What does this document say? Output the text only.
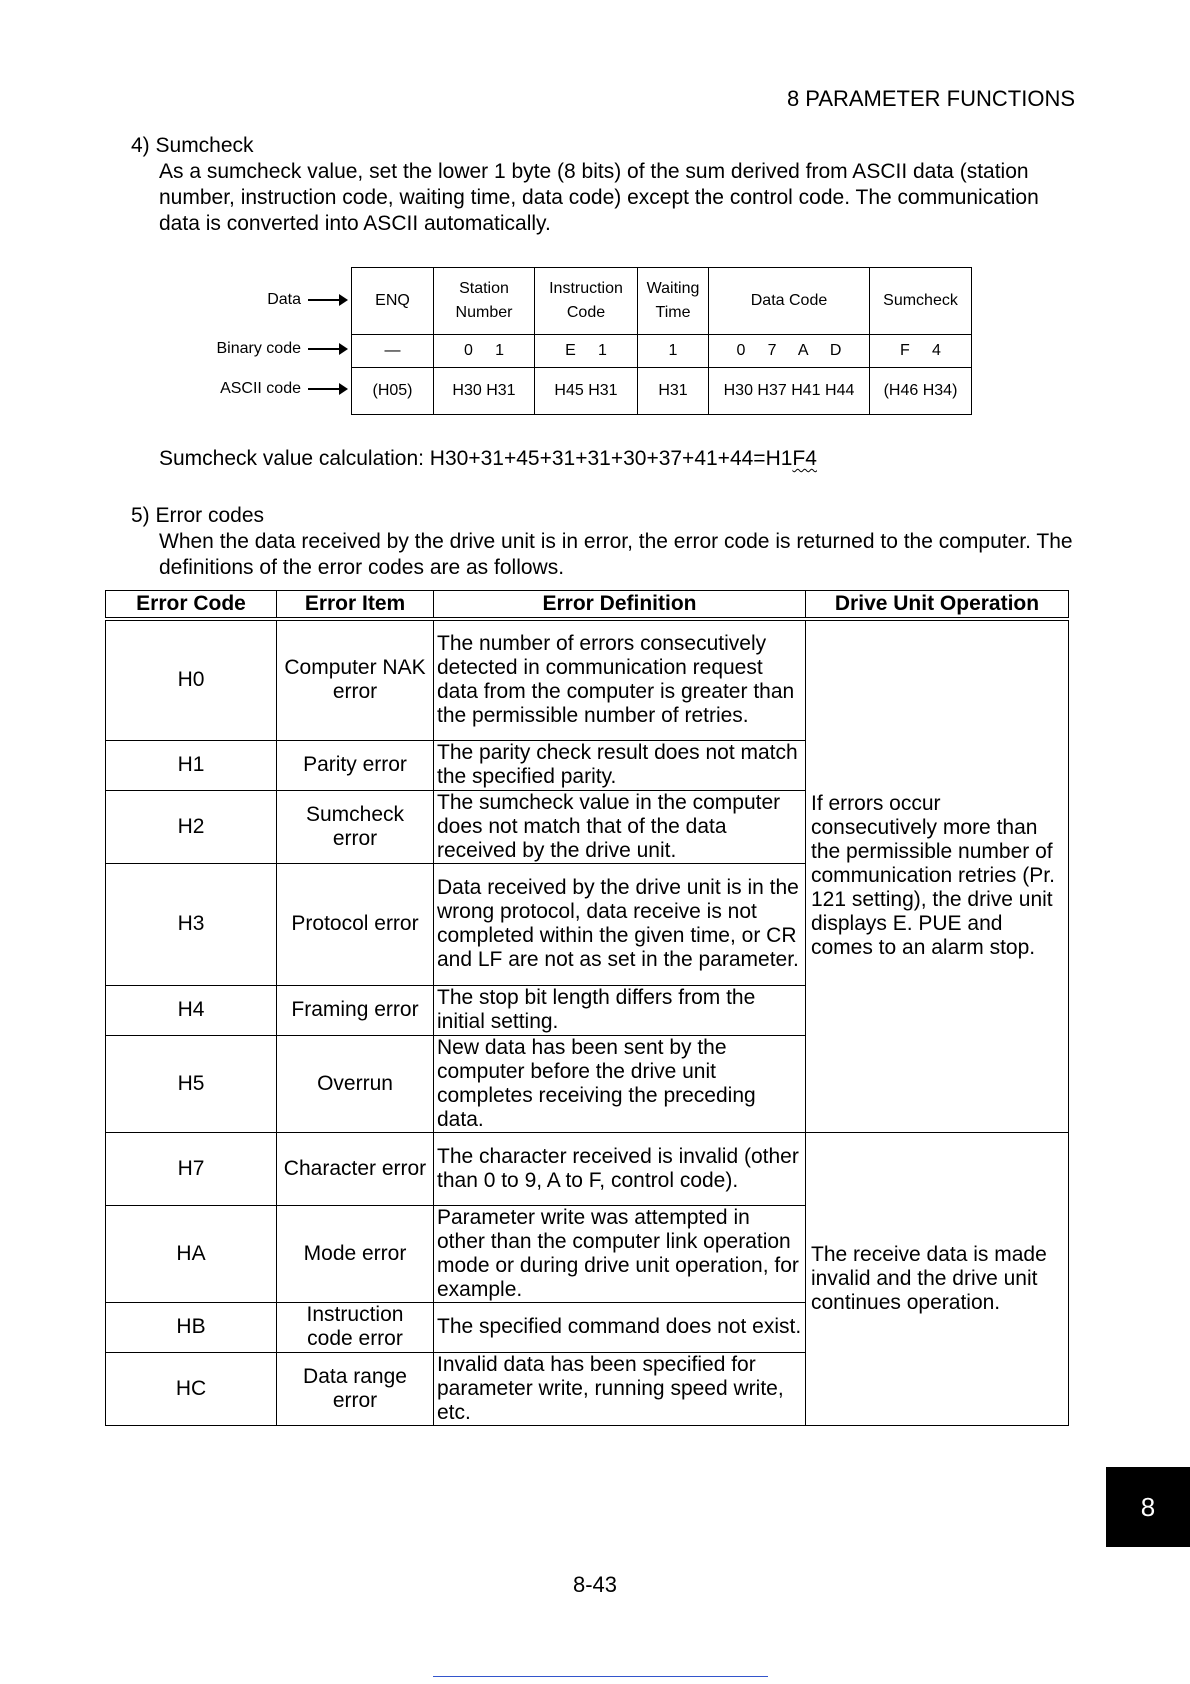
8 PARAMETER FUNCTIONS
4) Sumcheck
As a sumcheck value, set the lower 1 byte (8 bits) of the sum derived from ASCII data (station number, instruction code, waiting time, data code) except the control code. The communication data is converted into ASCII automatically.
Data
Binary code
ASCII code
ENQ	Station Number	Instruction Code	Waiting Time	Data Code	Sumcheck
—	0     1	E     1	1	0     7     A     D	F     4
(H05)	H30 H31	H45 H31	H31	H30 H37 H41 H44	(H46 H34)
Sumcheck value calculation: H30+31+45+31+31+30+37+41+44=H1F4
5) Error codes
When the data received by the drive unit is in error, the error code is returned to the computer. The definitions of the error codes are as follows.
Error Code	Error Item	Error Definition	Drive Unit Operation
H0	Computer NAK error	The number of errors consecutively detected in communication request data from the computer is greater than the permissible number of retries.	If errors occur consecutively more than the permissible number of communication retries (Pr. 121 setting), the drive unit displays E. PUE and comes to an alarm stop.
H1	Parity error	The parity check result does not match the specified parity.	
H2	Sumcheck error	The sumcheck value in the computer does not match that of the data received by the drive unit.	
H3	Protocol error	Data received by the drive unit is in the wrong protocol, data receive is not completed within the given time, or CR and LF are not as set in the parameter.	
H4	Framing error	The stop bit length differs from the initial setting.	
H5	Overrun	New data has been sent by the computer before the drive unit completes receiving the preceding data.	
H7	Character error	The character received is invalid (other than 0 to 9, A to F, control code).	The receive data is made invalid and the drive unit continues operation.
HA	Mode error	Parameter write was attempted in other than the computer link operation mode or during drive unit operation, for example.	
HB	Instruction code error	The specified command does not exist.	
HC	Data range error	Invalid data has been specified for parameter write, running speed write, etc.	
8
8-43
